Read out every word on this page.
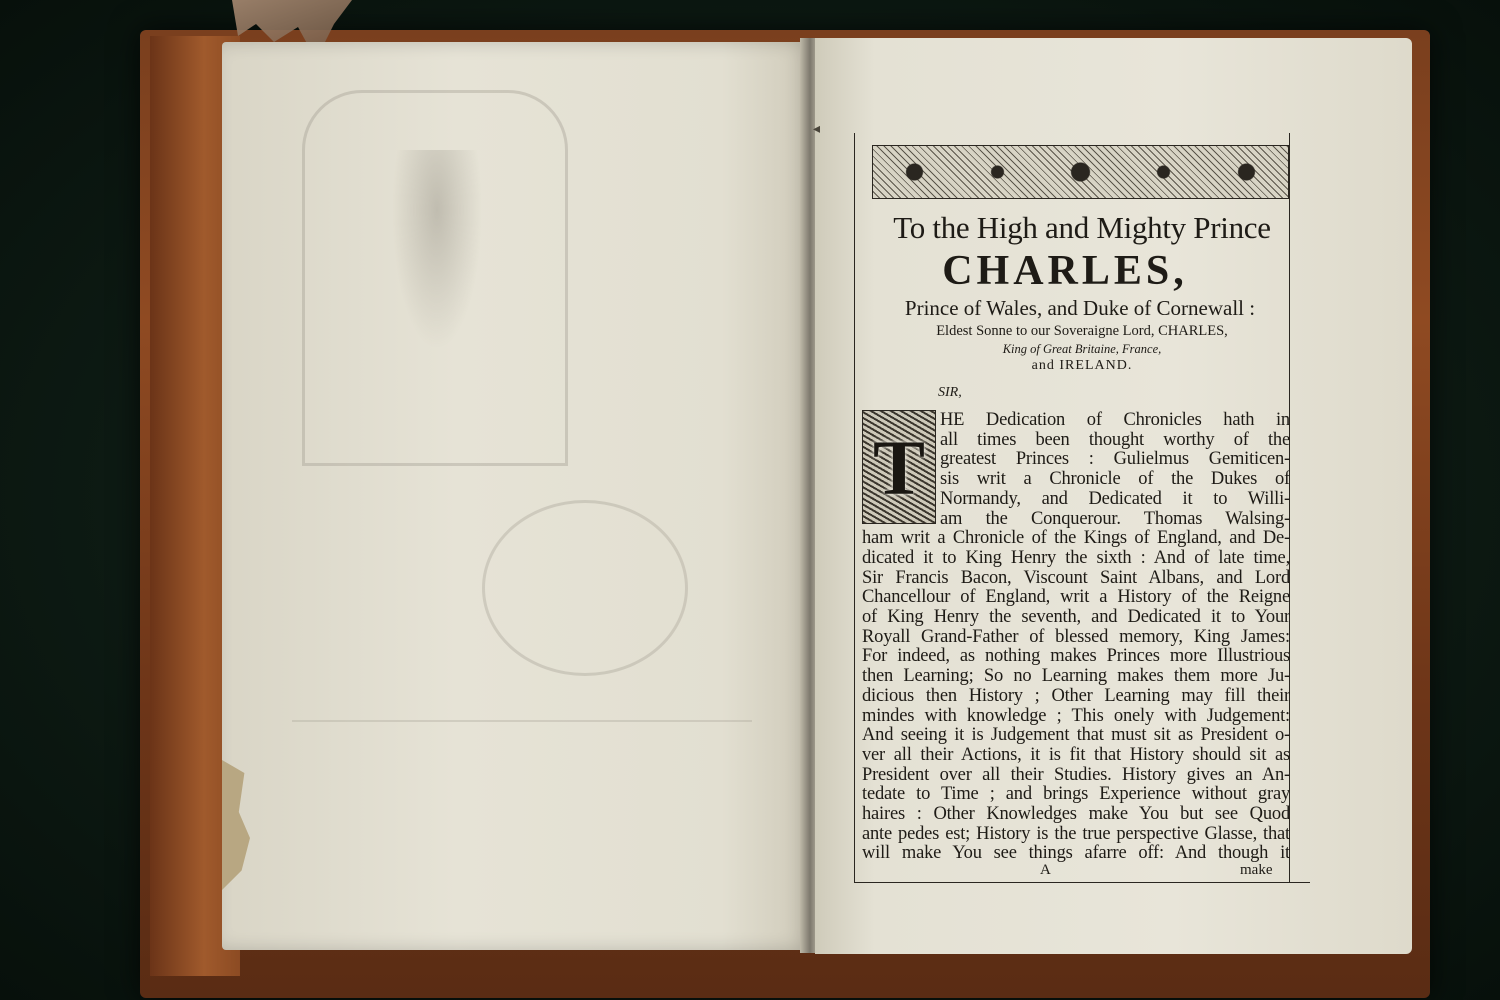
◂
To the High and Mighty Prince
CHARLES,
Prince of Wales, and Duke of Cornewall :
Eldest Sonne to our Soveraigne Lord, CHARLES,
King of Great Britaine, France,
and IRELAND.
SIR,
T
HE Dedication of Chronicles hath in
all times been thought worthy of the
greatest Princes : Gulielmus Gemiticen-
sis writ a Chronicle of the Dukes of
Normandy, and Dedicated it to Willi-
am the Conquerour. Thomas Walsing-
ham writ a Chronicle of the Kings of England, and De-
dicated it to King Henry the sixth : And of late time,
Sir Francis Bacon, Viscount Saint Albans, and Lord
Chancellour of England, writ a History of the Reigne
of King Henry the seventh, and Dedicated it to Your
Royall Grand-Father of blessed memory, King James:
For indeed, as nothing makes Princes more Illustrious
then Learning; So no Learning makes them more Ju-
dicious then History ; Other Learning may fill their
mindes with knowledge ; This onely with Judgement:
And seeing it is Judgement that must sit as President o-
ver all their Actions, it is fit that History should sit as
President over all their Studies. History gives an An-
tedate to Time ; and brings Experience without gray
haires : Other Knowledges make You but see Quod
ante pedes est; History is the true perspective Glasse, that
will make You see things afarre off: And though it
A	make
